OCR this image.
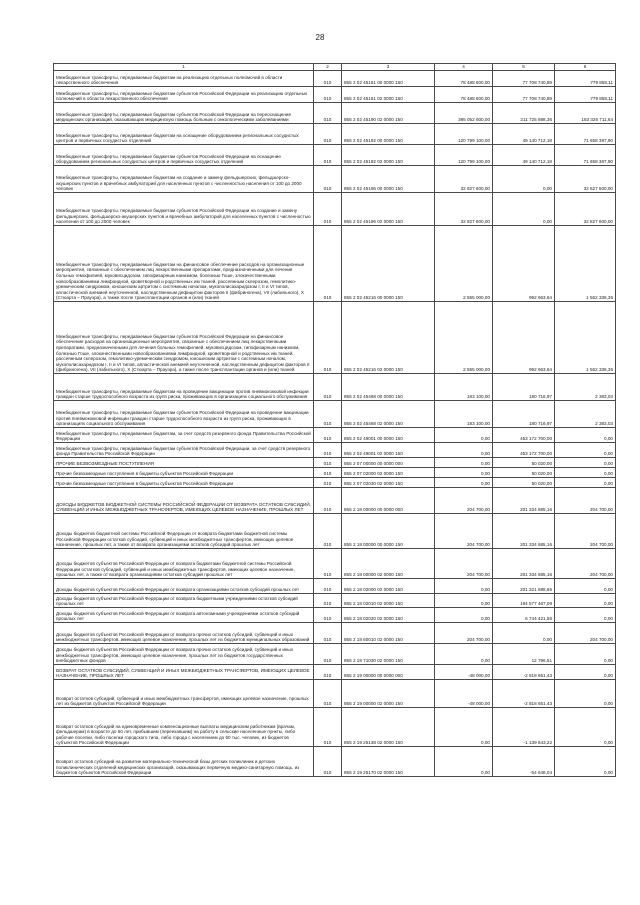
28
1	2	3	4	5	6
Межбюджетные трансферты, передаваемые бюджетам на реализацию отдельных полномочий в области лекарственного обеспечения	010	855 2 02 45161 00 0000 150	78 488 600,00	77 708 740,89	779 859,11
Межбюджетные трансферты, передаваемые бюджетам субъектов Российской Федерации на реализацию отдельных полномочий в области лекарственного обеспечения	010	855 2 02 45161 02 0000 150	78 488 600,00	77 708 740,89	779 859,11
Межбюджетные трансферты, передаваемые бюджетам субъектов Российской Федерации на переоснащение медицинских организаций, оказывающих медицинскую помощь больным с онкологическими заболеваниями	010	855 2 02 45190 02 0000 150	395 052 600,00	211 725 888,36	183 326 711,64
Межбюджетные трансферты, передаваемые бюджетам на оснащение оборудованием региональных сосудистых центров и первичных сосудистых отделений	010	855 2 02 45192 00 0000 150	120 799 100,00	49 140 712,18	71 658 387,90
Межбюджетные трансферты, передаваемые бюджетам субъектов Российской Федерации на оснащение оборудованием региональных сосудистых центров и первичных сосудистых отделений	010	855 2 02 45192 02 0000 150	120 799 100,00	49 140 712,18	71 658 387,90
Межбюджетные трансферты, передаваемые бюджетам на создание и замену фельдшерских, фельдшерско-акушерских пунктов и врачебных амбулаторий для населенных пунктов с численностью населения от 100 до 2000 человек	010	855 2 02 45196 00 0000 150	32 827 600,00	0,00	32 827 600,00
Межбюджетные трансферты, передаваемые бюджетам субъектов Российской Федерации на создание и замену фельдшерских, фельдшерско-акушерских пунктов и врачебных амбулаторий для населенных пунктов с численностью населения от 100 до 2000 человек	010	855 2 02 45196 02 0000 150	32 827 600,00	0,00	32 827 600,00
Межбюджетные трансферты, передаваемые бюджетам на финансовое обеспечение расходов на организационные мероприятия, связанные с обеспечением лиц лекарственными препаратами, предназначенными для лечения больных гемофилией, муковисцидозом, гипофизарным нанизмом, болезнью Гоше, злокачественными новообразованиями лимфоидной, кроветворной и родственных им тканей, рассеянным склерозом, гемолитико-уремическим синдромом, юношеским артритом с системным началом, мукополисахаридозом I, II и VI типов, апластической анемией неуточненной, наследственным дефицитом факторов II (фибриногена), VII (лабильного), X (Стюарта – Прауэра), а также после трансплантации органов и (или) тканей	010	855 2 02 45216 00 0000 150	2 555 000,00	992 663,64	1 562 336,36
Межбюджетные трансферты, передаваемые бюджетам субъектов Российской Федерации на финансовое обеспечение расходов на организационные мероприятия, связанные с обеспечением лиц лекарственными препаратами, предназначенными для лечения больных гемофилией, муковисцидозом, гипофизарным нанизмом, болезнью Гоше, злокачественными новообразованиями лимфоидной, кроветворной и родственных им тканей, рассеянным склерозом, гемолитико-уремическим синдромом, юношеским артритом с системным началом, мукополисахаридозом I, II и VI типов, апластической анемией неуточненной, наследственным дефицитом факторов II (фибриногена), VII (лабильного), X (Стюарта – Прауэра), а также после трансплантации органов и (или) тканей	010	855 2 02 45216 02 0000 150	2 555 000,00	992 663,64	1 562 336,36
Межбюджетные трансферты, передаваемые бюджетам на проведение вакцинации против пневмококковой инфекции граждан старше трудоспособного возраста из групп риска, проживающих в организациях социального обслуживания	010	855 2 02 45468 00 0000 150	183 100,00	180 716,97	2 383,03
Межбюджетные трансферты, передаваемые бюджетам субъектов Российской Федерации на проведение вакцинации против пневмококковой инфекции граждан старше трудоспособного возраста из групп риска, проживающих в организациях социального обслуживания	010	855 2 02 45468 02 0000 150	183 100,00	180 716,97	2 383,03
Межбюджетные трансферты, передаваемые бюджетам, за счет средств резервного фонда Правительства Российской Федерации	010	855 2 02 49001 00 0000 150	0,00	453 172 700,00	0,00
Межбюджетные трансферты, передаваемые бюджетам субъектов Российской Федерации, за счет средств резервного фонда Правительства Российской Федерации	010	855 2 02 49001 02 0000 150	0,00	453 172 700,00	0,00
ПРОЧИЕ БЕЗВОЗМЕЗДНЫЕ ПОСТУПЛЕНИЯ	010	855 2 07 00000 00 0000 000	0,00	50 020,00	0,00
Прочие безвозмездные поступления в бюджеты субъектов Российской Федерации	010	855 2 07 02000 02 0000 150	0,00	50 020,00	0,00
Прочие безвозмездные поступления в бюджеты субъектов Российской Федерации	010	855 2 07 02030 02 0000 150	0,00	50 020,00	0,00
ДОХОДЫ БЮДЖЕТОВ БЮДЖЕТНОЙ СИСТЕМЫ РОССИЙСКОЙ ФЕДЕРАЦИИ ОТ ВОЗВРАТА ОСТАТКОВ СУБСИДИЙ, СУБВЕНЦИЙ И ИНЫХ МЕЖБЮДЖЕТНЫХ ТРАНСФЕРТОВ, ИМЕЮЩИХ ЦЕЛЕВОЕ НАЗНАЧЕНИЕ, ПРОШЛЫХ ЛЕТ	010	855 2 18 00000 00 0000 000	204 700,00	201 334 685,16	204 700,00
Доходы бюджетов бюджетной системы Российской Федерации от возврата бюджетами бюджетной системы Российской Федерации остатков субсидий, субвенций и иных межбюджетных трансфертов, имеющих целевое назначение, прошлых лет, а также от возврата организациями остатков субсидий прошлых лет	010	855 2 18 00000 00 0000 150	204 700,00	201 334 685,16	204 700,00
Доходы бюджетов субъектов Российской Федерации от возврата бюджетами бюджетной системы Российской Федерации остатков субсидий, субвенций и иных межбюджетных трансфертов, имеющих целевое назначение, прошлых лет, а также от возврата организациями остатков субсидий прошлых лет	010	855 2 18 00000 02 0000 150	204 700,00	201 334 685,16	204 700,00
Доходы бюджетов субъектов Российской Федерации от возврата организациями остатков субсидий прошлых лет	010	855 2 18 02000 02 0000 150	0,00	201 321 688,65	0,00
Доходы бюджетов субъектов Российской Федерации от возврата бюджетными учреждениями остатков субсидий прошлых лет	010	855 2 18 02010 02 0000 150	0,00	194 577 467,09	0,00
Доходы бюджетов субъектов Российской Федерации от возврата автономными учреждениями остатков субсидий прошлых лет	010	855 2 18 02020 02 0000 150	0,00	6 744 421,56	0,00
Доходы бюджетов субъектов Российской Федерации от возврата прочих остатков субсидий, субвенций и иных межбюджетных трансфертов, имеющих целевое назначение, прошлых лет из бюджетов муниципальных образований	010	855 2 18 60010 02 0000 150	204 700,00	0,00	204 700,00
Доходы бюджетов субъектов Российской Федерации от возврата прочих остатков субсидий, субвенций и иных межбюджетных трансфертов, имеющих целевое назначение, прошлых лет из бюджетов государственных внебюджетных фондов	010	855 2 18 71030 02 0000 150	0,00	12 796,51	0,00
ВОЗВРАТ ОСТАТКОВ СУБСИДИЙ, СУБВЕНЦИЙ И ИНЫХ МЕЖБЮДЖЕТНЫХ ТРАНСФЕРТОВ, ИМЕЮЩИХ ЦЕЛЕВОЕ НАЗНАЧЕНИЕ, ПРОШЛЫХ ЛЕТ	010	855 2 19 00000 00 0000 000	-48 000,00	-2 818 651,43	0,00
Возврат остатков субсидий, субвенций и иных межбюджетных трансфертов, имеющих целевое назначение, прошлых лет из бюджетов субъектов Российской Федерации	010	855 2 19 00000 02 0000 150	-48 000,00	-2 818 651,43	0,00
Возврат остатков субсидий на единовременные компенсационные выплаты медицинским работникам (врачам, фельдшерам) в возрасте до 50 лет, прибывшим (переехавшим) на работу в сельские населенные пункты, либо рабочие поселки, либо поселки городского типа, либо города с населением до 50 тыс. человек, из бюджетов субъектов Российской Федерации	010	855 2 19 25138 02 0000 150	0,00	-1 139 643,22	0,00
Возврат остатков субсидий на развитие материально-технической базы детских поликлиник и детских поликлинических отделений медицинских организаций, оказывающих первичную медико-санитарную помощь, из бюджетов субъектов Российской Федерации	010	855 2 19 25170 02 0000 150	0,00	-54 648,04	0,00
